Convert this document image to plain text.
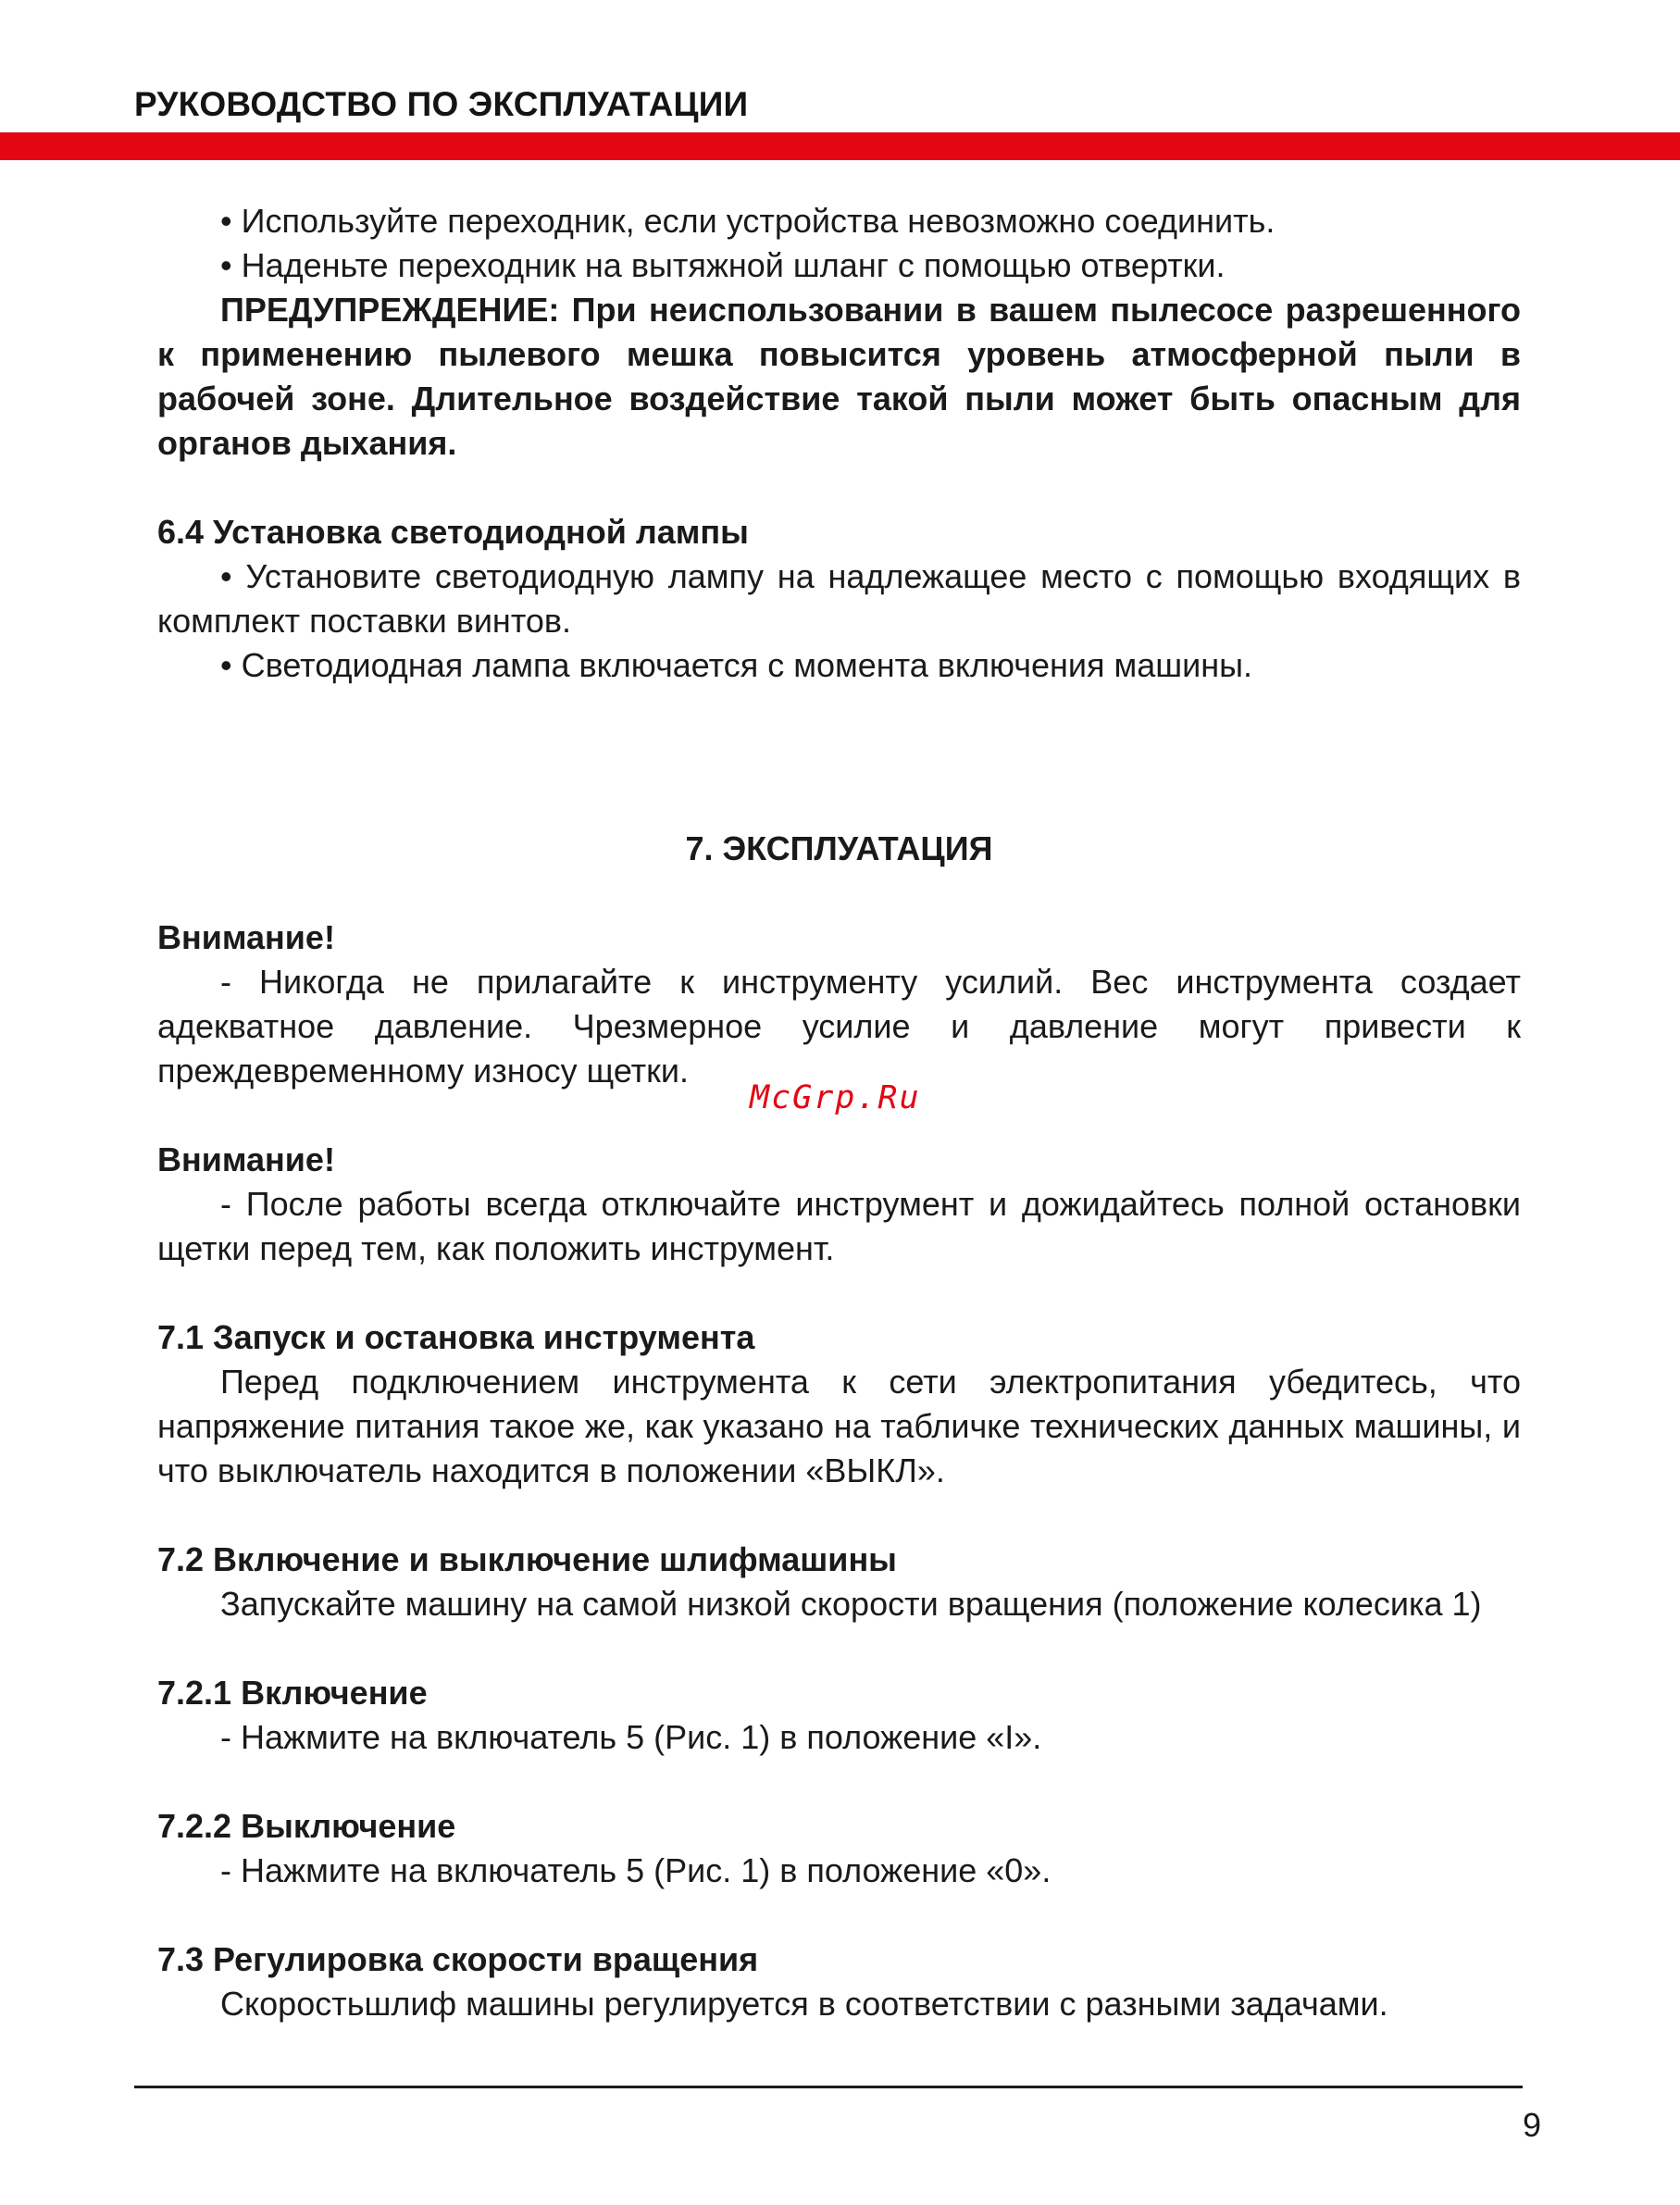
РУКОВОДСТВО ПО ЭКСПЛУАТАЦИИ

• Используйте переходник, если устройства невозможно соединить.

• Наденьте переходник на вытяжной шланг с помощью отвертки.

ПРЕДУПРЕЖДЕНИЕ: При неиспользовании в вашем пылесосе разрешенного к применению пылевого мешка повысится уровень атмосферной пыли в рабочей зоне. Длительное воздействие такой пыли может быть опасным для органов дыхания.

6.4 Установка светодиодной лампы

• Установите светодиодную лампу на надлежащее место с помощью входящих в комплект поставки винтов.

• Светодиодная лампа включается с момента включения машины.

7. ЭКСПЛУАТАЦИЯ

Внимание!

- Никогда не прилагайте к инструменту усилий. Вес инструмента создает адекватное давление. Чрезмерное усилие и давление могут привести к преждевременному износу щетки.

Внимание!

- После работы всегда отключайте инструмент и дожидайтесь полной остановки щетки перед тем, как положить инструмент.

7.1 Запуск и остановка инструмента

Перед подключением инструмента к сети электропитания убедитесь, что напряжение питания такое же, как указано на табличке технических данных машины, и что выключатель находится в положении «ВЫКЛ».

7.2 Включение и выключение шлифмашины

Запускайте машину на самой низкой скорости вращения (положение колесика 1)

7.2.1 Включение

- Нажмите на включатель 5 (Рис. 1) в положение «I».

7.2.2 Выключение

- Нажмите на включатель 5 (Рис. 1) в положение «0».

7.3 Регулировка скорости вращения

Скоростьшлиф машины регулируется в соответствии с разными задачами.

McGrp.Ru
9
